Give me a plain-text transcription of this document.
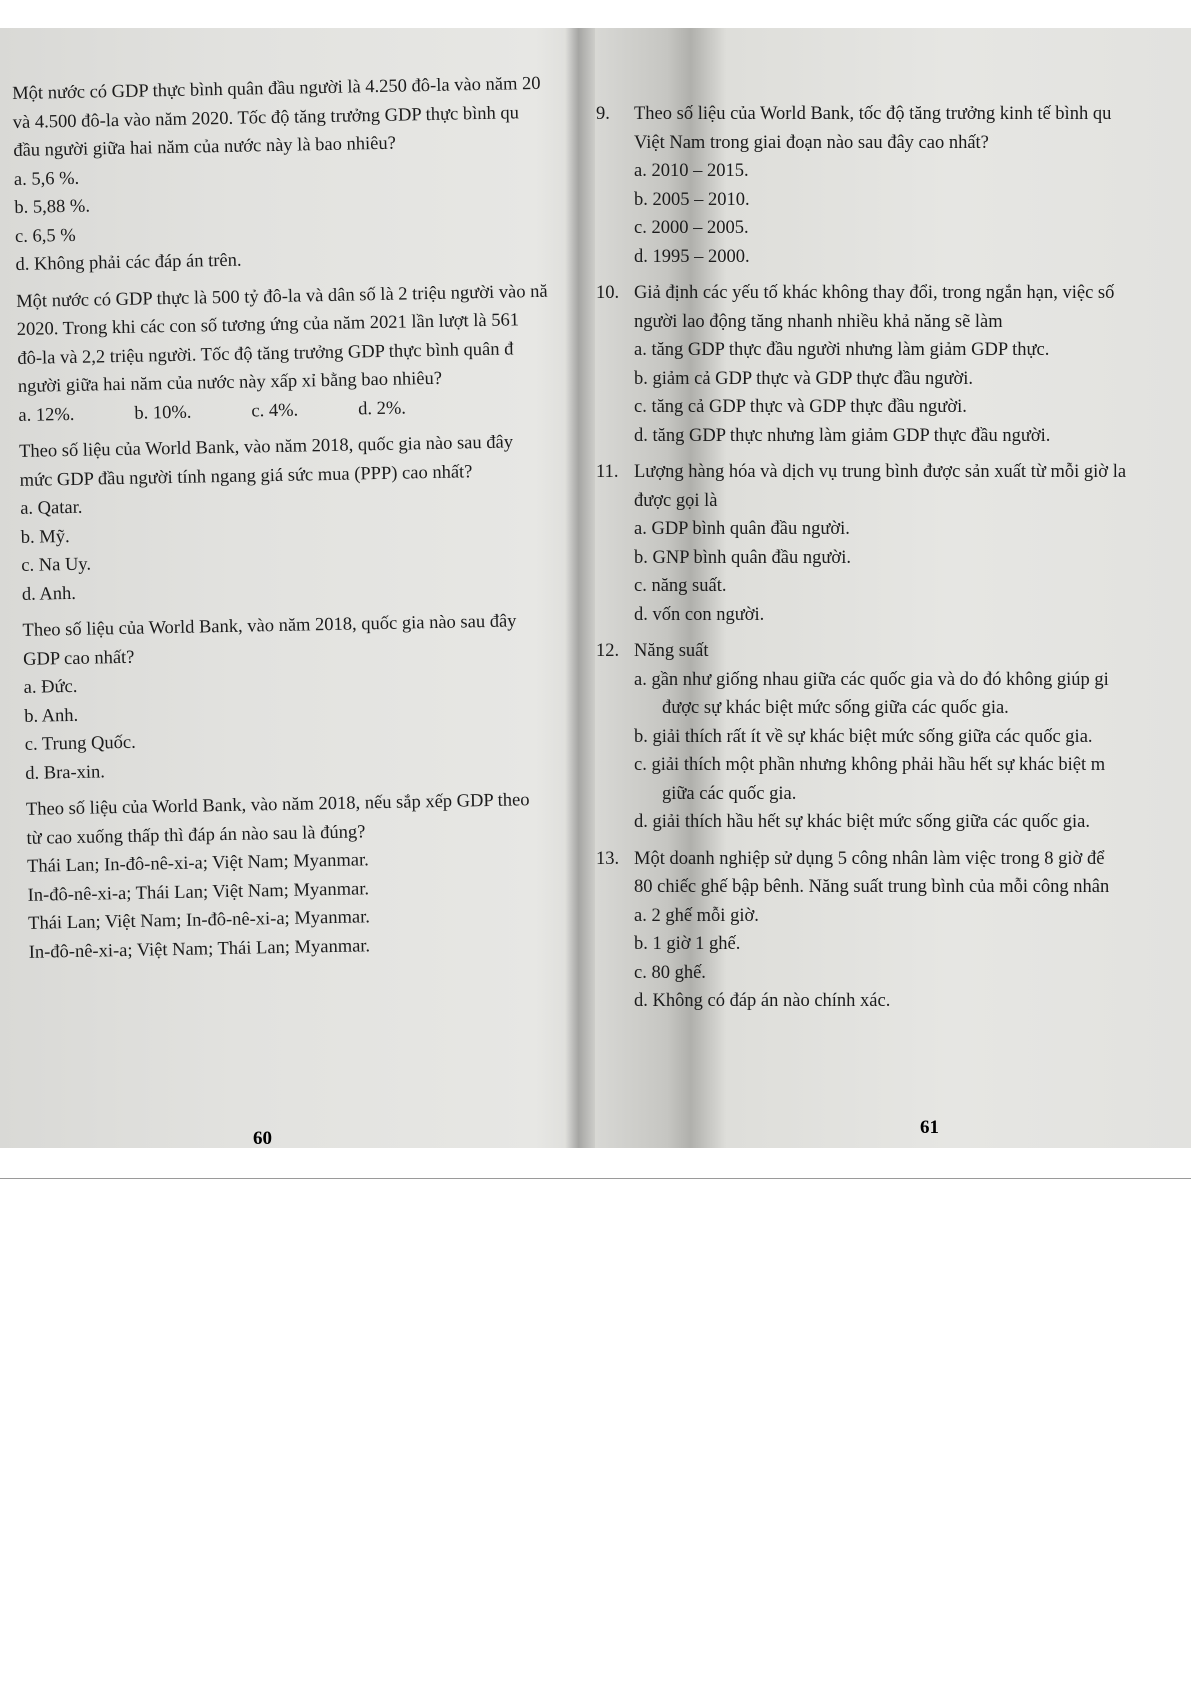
Một nước có GDP thực bình quân đầu người là 4.250 đô-la vào năm 20
và 4.500 đô-la vào năm 2020. Tốc độ tăng trưởng GDP thực bình qu
đầu người giữa hai năm của nước này là bao nhiêu?
a. 5,6 %.
b. 5,88 %.
c. 6,5 %
d. Không phải các đáp án trên.
Một nước có GDP thực là 500 tỷ đô-la và dân số là 2 triệu người vào nă
2020. Trong khi các con số tương ứng của năm 2021 lần lượt là 561
đô-la và 2,2 triệu người. Tốc độ tăng trưởng GDP thực bình quân đ
người giữa hai năm của nước này xấp xỉ bằng bao nhiêu?
a. 12%.	b. 10%.	c. 4%.	d. 2%.
Theo số liệu của World Bank, vào năm 2018, quốc gia nào sau đây
mức GDP đầu người tính ngang giá sức mua (PPP) cao nhất?
a. Qatar.
b. Mỹ.
c. Na Uy.
d. Anh.
Theo số liệu của World Bank, vào năm 2018, quốc gia nào sau đây
GDP cao nhất?
a. Đức.
b. Anh.
c. Trung Quốc.
d. Bra-xin.
Theo số liệu của World Bank, vào năm 2018, nếu sắp xếp GDP theo
từ cao xuống thấp thì đáp án nào sau là đúng?
Thái Lan; In-đô-nê-xi-a; Việt Nam; Myanmar.
In-đô-nê-xi-a; Thái Lan; Việt Nam; Myanmar.
Thái Lan; Việt Nam; In-đô-nê-xi-a; Myanmar.
In-đô-nê-xi-a; Việt Nam; Thái Lan; Myanmar.
60
9. Theo số liệu của World Bank, tốc độ tăng trưởng kinh tế bình qu
Việt Nam trong giai đoạn nào sau đây cao nhất?
a. 2010 – 2015.
b. 2005 – 2010.
c. 2000 – 2005.
d. 1995 – 2000.
10. Giả định các yếu tố khác không thay đổi, trong ngắn hạn, việc số
người lao động tăng nhanh nhiều khả năng sẽ làm
a. tăng GDP thực đầu người nhưng làm giảm GDP thực.
b. giảm cả GDP thực và GDP thực đầu người.
c. tăng cả GDP thực và GDP thực đầu người.
d. tăng GDP thực nhưng làm giảm GDP thực đầu người.
11. Lượng hàng hóa và dịch vụ trung bình được sản xuất từ mỗi giờ la
được gọi là
a. GDP bình quân đầu người.
b. GNP bình quân đầu người.
c. năng suất.
d. vốn con người.
12. Năng suất
a. gần như giống nhau giữa các quốc gia và do đó không giúp gi
được sự khác biệt mức sống giữa các quốc gia.
b. giải thích rất ít về sự khác biệt mức sống giữa các quốc gia.
c. giải thích một phần nhưng không phải hầu hết sự khác biệt m
giữa các quốc gia.
d. giải thích hầu hết sự khác biệt mức sống giữa các quốc gia.
13. Một doanh nghiệp sử dụng 5 công nhân làm việc trong 8 giờ để
80 chiếc ghế bập bênh. Năng suất trung bình của mỗi công nhân
a. 2 ghế mỗi giờ.
b. 1 giờ 1 ghế.
c. 80 ghế.
d. Không có đáp án nào chính xác.
61
